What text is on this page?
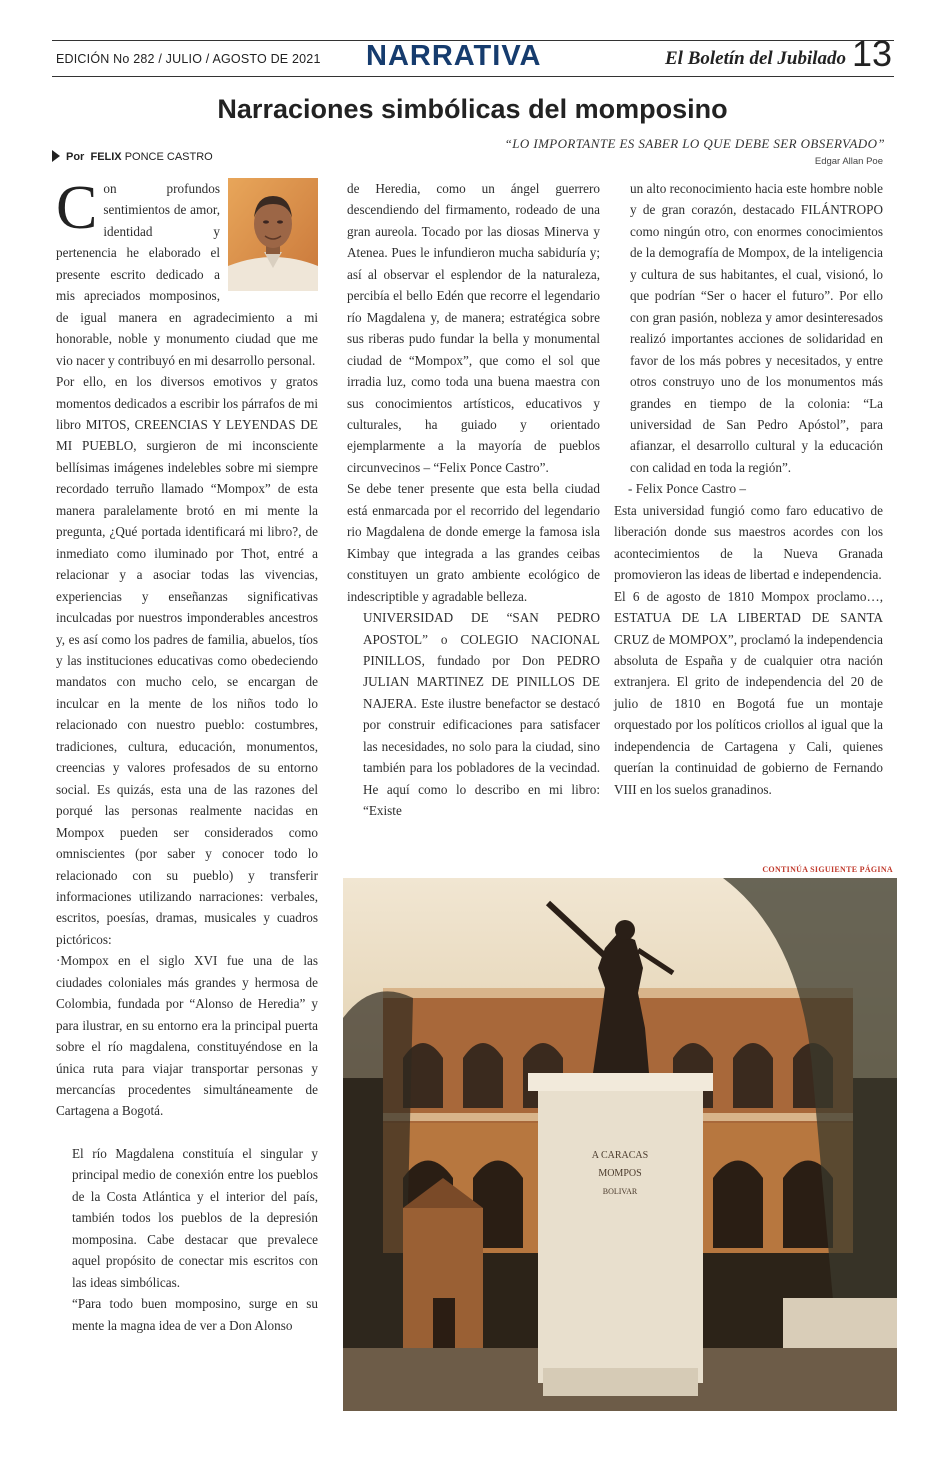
EDICIÓN No 282 / JULIO / AGOSTO DE 2021 NARRATIVA	El Boletín del Jubilado 13
Narraciones simbólicas del momposino
“LO IMPORTANTE ES SABER LO QUE DEBE SER OBSERVADO”
Edgar Allan Poe
Por FELIX PONCE CASTRO

Con profundos sentimientos de amor, identidad y pertenencia he elaborado el presente escrito dedicado a mis apreciados momposinos, de igual manera en agradecimiento a mi honorable, noble y monumento ciudad que me vio nacer y contribuyó en mi desarrollo personal.

Por ello, en los diversos emotivos y gratos momentos dedicados a escribir los párrafos de mi libro MITOS, CREENCIAS Y LEYENDAS DE MI PUEBLO, surgieron de mi inconsciente bellísimas imágenes indelebles sobre mi siempre recordado terruño llamado “Mompox” de esta manera paralelamente brotó en mi mente la pregunta, ¿Qué portada identificará mi libro?, de inmediato como iluminado por Thot, entré a relacionar y a asociar todas las vivencias, experiencias y enseñanzas significativas inculcadas por nuestros imponderables ancestros y, es así como los padres de familia, abuelos, tíos y las instituciones educativas como obedeciendo mandatos con mucho celo, se encargan de inculcar en la mente de los niños todo lo relacionado con nuestro pueblo: costumbres, tradiciones, cultura, educación, monumentos, creencias y valores profesados de su entorno social. Es quizás, esta una de las razones del porqué las personas realmente nacidas en Mompox pueden ser considerados como omniscientes (por saber y conocer todo lo relacionado con su pueblo) y transferir informaciones utilizando narraciones: verbales, escritos, poesías, dramas, musicales y cuadros pictóricos:

·Mompox en el siglo XVI fue una de las ciudades coloniales más grandes y hermosa de Colombia, fundada por “Alonso de Heredia” y para ilustrar, en su entorno era la principal puerta sobre el río magdalena, constituyéndose en la única ruta para viajar transportar personas y mercancías procedentes simultáneamente de Cartagena a Bogotá.

El río Magdalena constituía el singular y principal medio de conexión entre los pueblos de la Costa Atlántica y el interior del país, también todos los pueblos de la depresión momposina. Cabe destacar que prevalece aquel propósito de conectar mis escritos con las ideas simbólicas.

“Para todo buen momposino, surge en su mente la magna idea de ver a Don Alonso

de Heredia, como un ángel guerrero descendiendo del firmamento, rodeado de una gran aureola. Tocado por las diosas Minerva y Atenea. Pues le infundieron mucha sabiduría y; así al observar el esplendor de la naturaleza, percibía el bello Edén que recorre el legendario río Magdalena y, de manera; estratégica sobre sus riberas pudo fundar la bella y monumental ciudad de “Mompox”, que como el sol que irradia luz, como toda una buena maestra con sus conocimientos artísticos, educativos y culturales, ha guiado y orientado ejemplarmente a la mayoría de pueblos circunvecinos – “Felix Ponce Castro”.

Se debe tener presente que esta bella ciudad está enmarcada por el recorrido del legendario rio Magdalena de donde emerge la famosa isla Kimbay que integrada a las grandes ceibas constituyen un grato ambiente ecológico de indescriptible y agradable belleza.

UNIVERSIDAD DE “SAN PEDRO APOSTOL” o COLEGIO NACIONAL PINILLOS, fundado por Don PEDRO JULIAN MARTINEZ DE PINILLOS DE NAJERA. Este ilustre benefactor se destacó por construir edificaciones para satisfacer las necesidades, no solo para la ciudad, sino también para los pobladores de la vecindad. He aquí como lo describo en mi libro: “Existe

un alto reconocimiento hacia este hombre noble y de gran corazón, destacado FILÁNTROPO como ningún otro, con enormes conocimientos de la demografía de Mompox, de la inteligencia y cultura de sus habitantes, el cual, visionó, lo que podrían “Ser o hacer el futuro”. Por ello con gran pasión, nobleza y amor desinteresados realizó importantes acciones de solidaridad en favor de los más pobres y necesitados, y entre otros construyo uno de los monumentos más grandes en tiempo de la colonia: “La universidad de San Pedro Apóstol”, para afianzar, el desarrollo cultural y la educación con calidad en toda la región”.

- Felix Ponce Castro –

Esta universidad fungió como faro educativo de liberación donde sus maestros acordes con los acontecimientos de la Nueva Granada promovieron las ideas de libertad e independencia.

El 6 de agosto de 1810 Mompox proclamo…, ESTATUA DE LA LIBERTAD DE SANTA CRUZ de MOMPOX”, proclamó la independencia absoluta de España y de cualquier otra nación extranjera. El grito de independencia del 20 de julio de 1810 en Bogotá fue un montaje orquestado por los políticos criollos al igual que la independencia de Cartagena y Cali, quienes querían la continuidad de gobierno de Fernando VIII en los suelos granadinos.

CONTINÚA SIGUIENTE PÁGINA
A CARACAS
MOMPOS
BOLIVAR
